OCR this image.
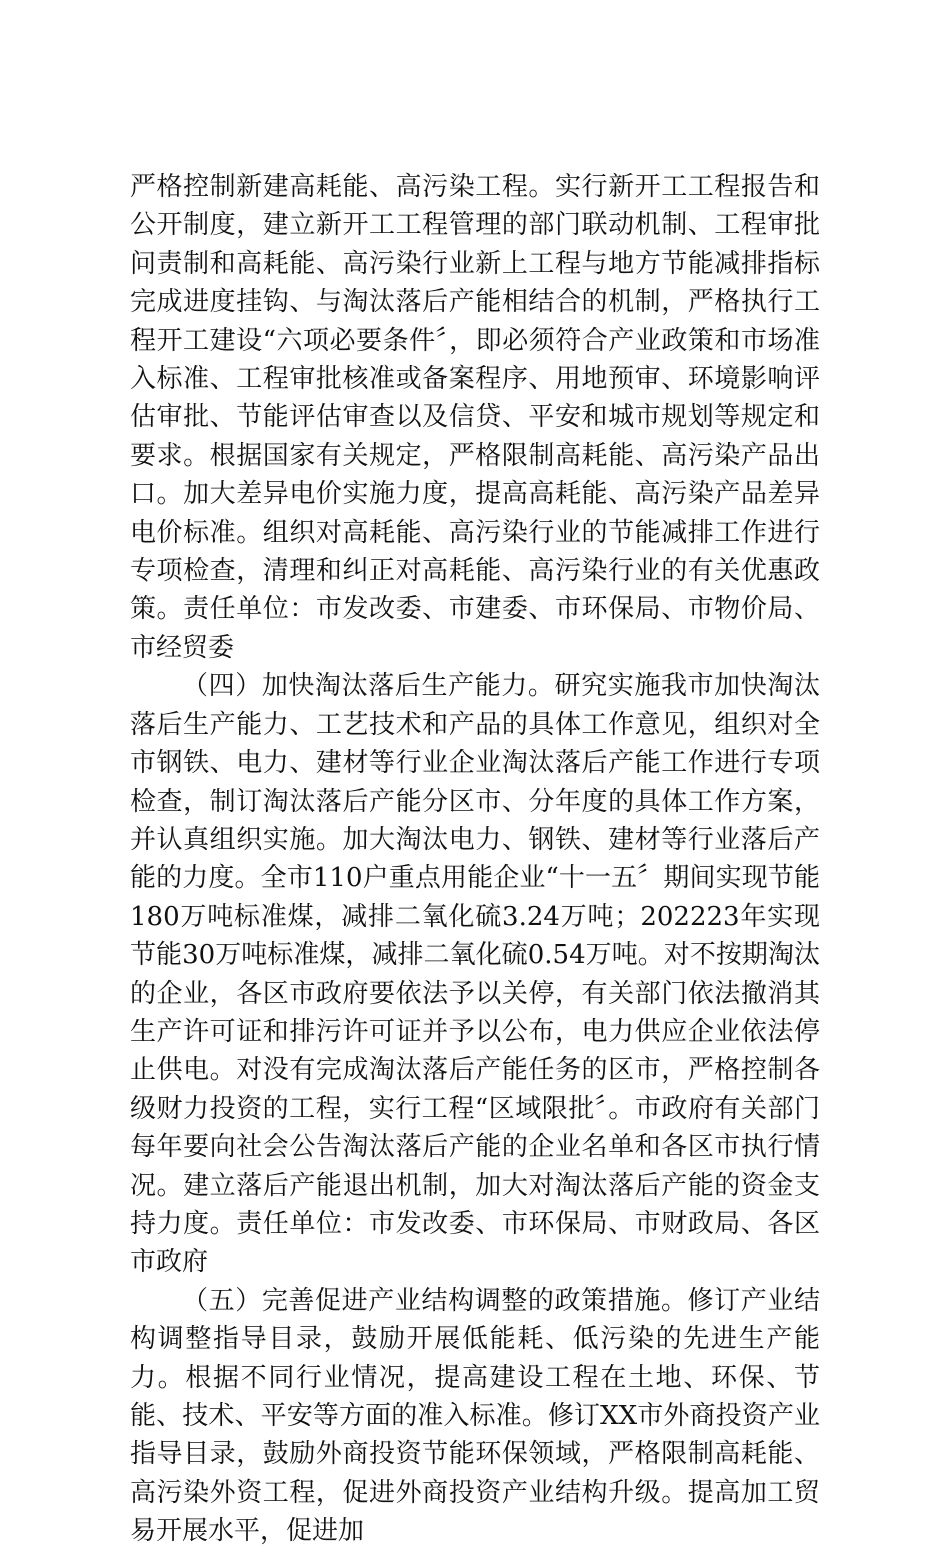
严格控制新建高耗能、高污染工程。实行新开工工程报告和公开制度，建立新开工工程管理的部门联动机制、工程审批问责制和高耗能、高污染行业新上工程与地方节能减排指标完成进度挂钩、与淘汰落后产能相结合的机制，严格执行工程开工建设“六项必要条件〞，即必须符合产业政策和市场准入标准、工程审批核准或备案程序、用地预审、环境影响评估审批、节能评估审查以及信贷、平安和城市规划等规定和要求。根据国家有关规定，严格限制高耗能、高污染产品出口。加大差异电价实施力度，提高高耗能、高污染产品差异电价标准。组织对高耗能、高污染行业的节能减排工作进行专项检查，清理和纠正对高耗能、高污染行业的有关优惠政策。责任单位：市发改委、市建委、市环保局、市物价局、市经贸委

（四）加快淘汰落后生产能力。研究实施我市加快淘汰落后生产能力、工艺技术和产品的具体工作意见，组织对全市钢铁、电力、建材等行业企业淘汰落后产能工作进行专项检查，制订淘汰落后产能分区市、分年度的具体工作方案，并认真组织实施。加大淘汰电力、钢铁、建材等行业落后产能的力度。全市110户重点用能企业“十一五〞期间实现节能180万吨标准煤，减排二氧化硫3.24万吨；202223年实现节能30万吨标准煤，减排二氧化硫0.54万吨。对不按期淘汰的企业，各区市政府要依法予以关停，有关部门依法撤消其生产许可证和排污许可证并予以公布，电力供应企业依法停止供电。对没有完成淘汰落后产能任务的区市，严格控制各级财力投资的工程，实行工程“区域限批〞。市政府有关部门每年要向社会公告淘汰落后产能的企业名单和各区市执行情况。建立落后产能退出机制，加大对淘汰落后产能的资金支持力度。责任单位：市发改委、市环保局、市财政局、各区市政府

（五）完善促进产业结构调整的政策措施。修订产业结构调整指导目录，鼓励开展低能耗、低污染的先进生产能力。根据不同行业情况，提高建设工程在土地、环保、节能、技术、平安等方面的准入标准。修订XX市外商投资产业指导目录，鼓励外商投资节能环保领域，严格限制高耗能、高污染外资工程，促进外商投资产业结构升级。提高加工贸易开展水平，促进加
